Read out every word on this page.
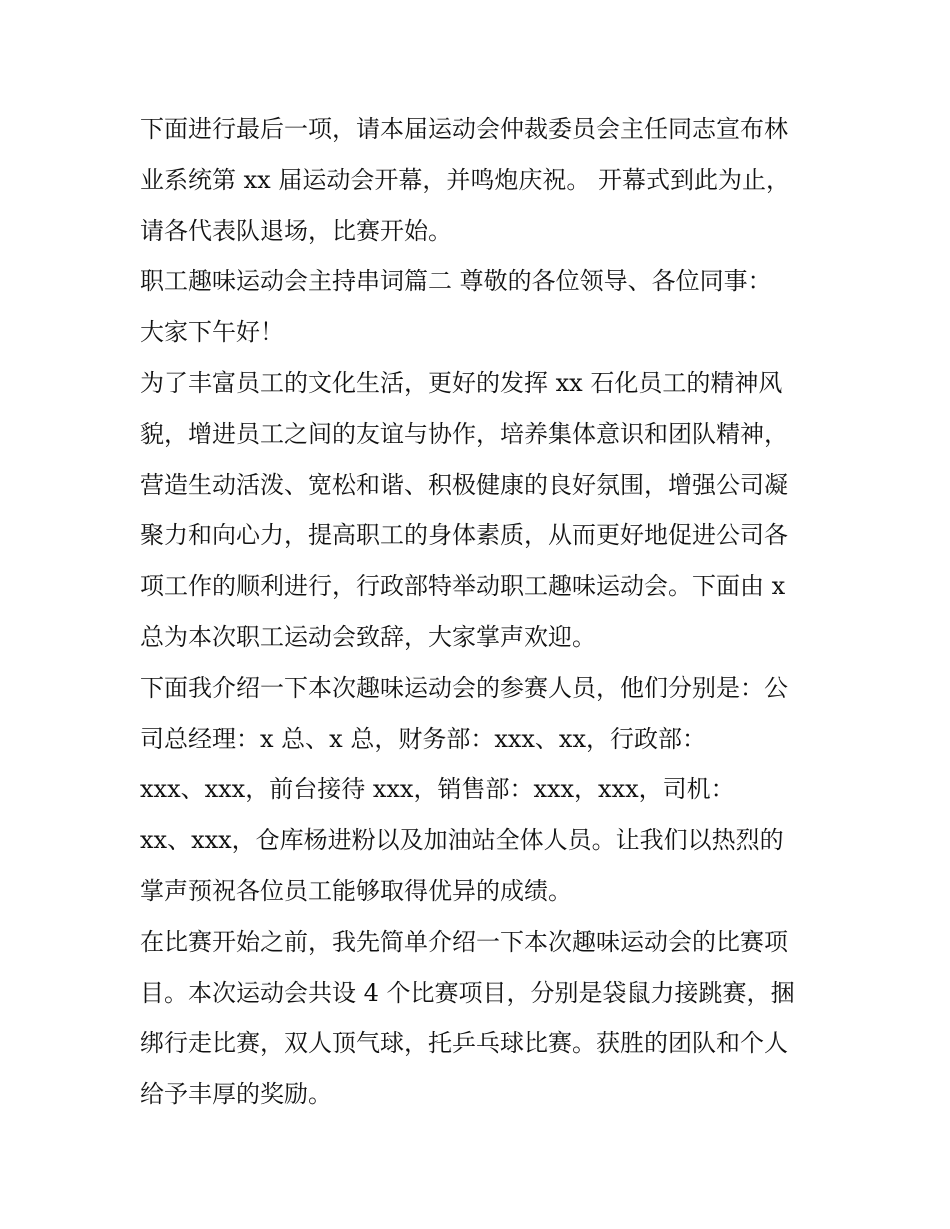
下面进行最后一项，请本届运动会仲裁委员会主任同志宣布林
业系统第 xx 届运动会开幕，并鸣炮庆祝。 开幕式到此为止，
请各代表队退场，比赛开始。
职工趣味运动会主持串词篇二 尊敬的各位领导、各位同事：
大家下午好！
为了丰富员工的文化生活，更好的发挥 xx 石化员工的精神风
貌，增进员工之间的友谊与协作，培养集体意识和团队精神，
营造生动活泼、宽松和谐、积极健康的良好氛围，增强公司凝
聚力和向心力，提高职工的身体素质，从而更好地促进公司各
项工作的顺利进行，行政部特举动职工趣味运动会。下面由 x
总为本次职工运动会致辞，大家掌声欢迎。
下面我介绍一下本次趣味运动会的参赛人员，他们分别是：公
司总经理：x 总、x 总，财务部：xxx、xx，行政部：
xxx、xxx，前台接待 xxx，销售部：xxx，xxx，司机：
xx、xxx，仓库杨进粉以及加油站全体人员。让我们以热烈的
掌声预祝各位员工能够取得优异的成绩。
在比赛开始之前，我先简单介绍一下本次趣味运动会的比赛项
目。本次运动会共设 4 个比赛项目，分别是袋鼠力接跳赛，捆
绑行走比赛，双人顶气球，托乒乓球比赛。获胜的团队和个人
给予丰厚的奖励。
